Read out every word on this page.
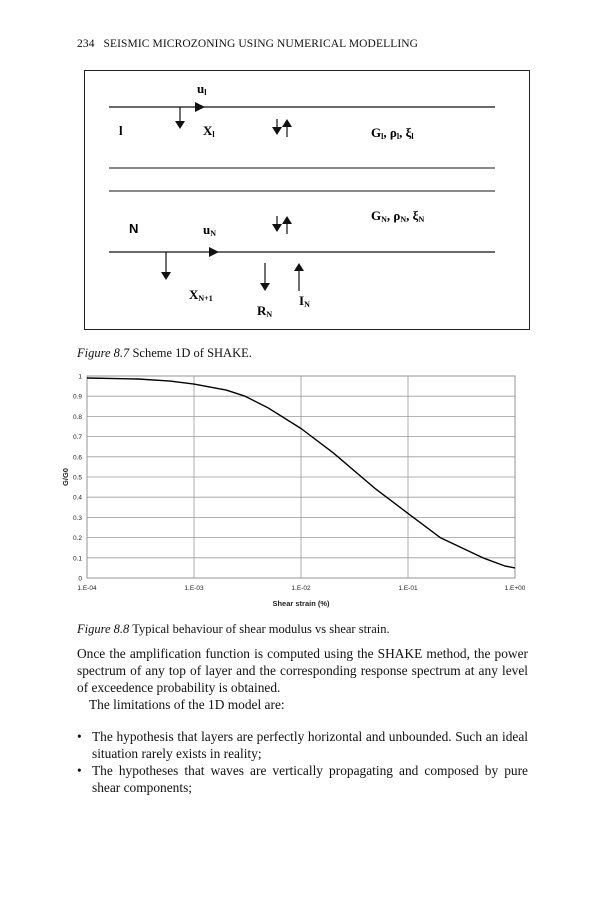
234 SEISMIC MICROZONING USING NUMERICAL MODELLING
ul
l	Xl	Gl, ρl, ξl
GN, ρN, ξN
N	uN
XN+1
RN
IN
Figure 8.7 Scheme 1D of SHAKE.
0
0.1
0.2
0.3
0.4
0.5
0.6
0.7
0.8
0.9
1
1.E-04	1.E-03	1.E-02	1.E-01	1.E+00
Shear strain (%)
G/G0
Figure 8.8 Typical behaviour of shear modulus vs shear strain.
Once the amplification function is computed using the SHAKE method, the power spectrum of any top of layer and the corresponding response spectrum at any level of exceedence probability is obtained.
The limitations of the 1D model are:
• The hypothesis that layers are perfectly horizontal and unbounded. Such an ideal situation rarely exists in reality;
• The hypotheses that waves are vertically propagating and composed by pure shear components;
